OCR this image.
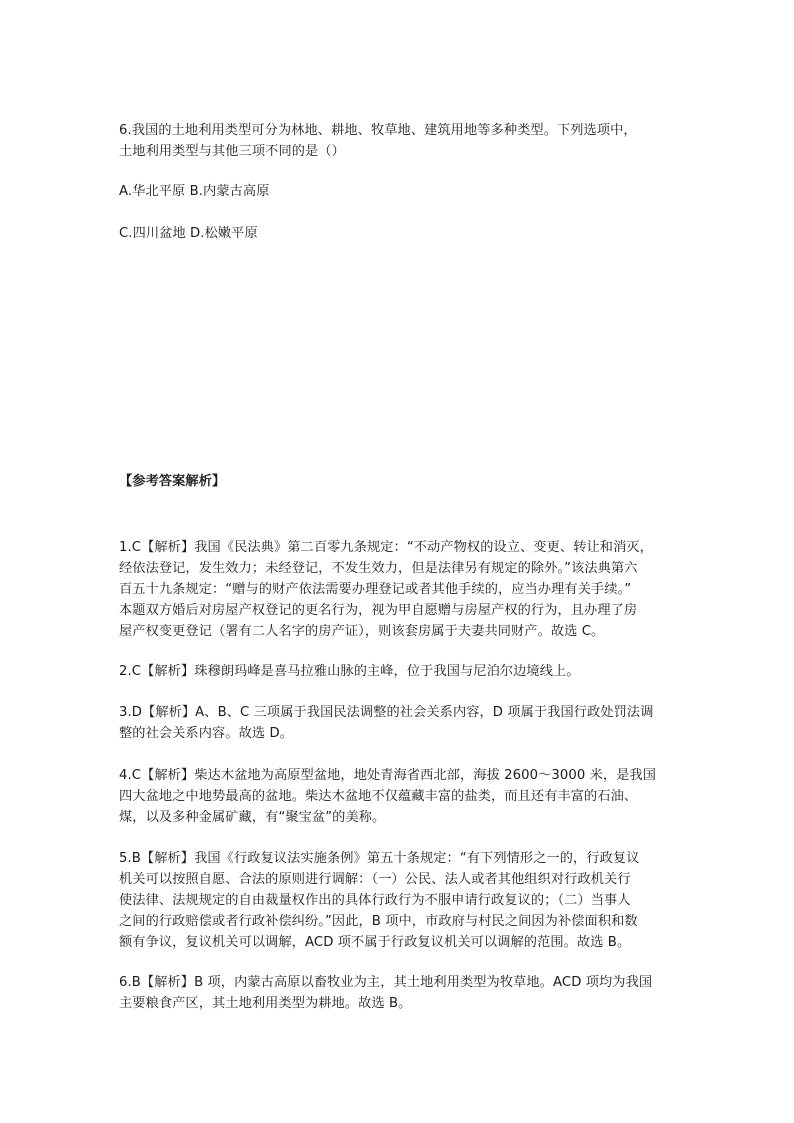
6.我国的土地利用类型可分为林地、耕地、牧草地、建筑用地等多种类型。下列选项中，
土地利用类型与其他三项不同的是（）
A.华北平原 B.内蒙古高原
C.四川盆地 D.松嫩平原
【参考答案解析】
1.C【解析】我国《民法典》第二百零九条规定：“不动产物权的设立、变更、转让和消灭，
经依法登记，发生效力；未经登记，不发生效力，但是法律另有规定的除外。”该法典第六
百五十九条规定：“赠与的财产依法需要办理登记或者其他手续的，应当办理有关手续。”
本题双方婚后对房屋产权登记的更名行为，视为甲自愿赠与房屋产权的行为，且办理了房
屋产权变更登记（署有二人名字的房产证），则该套房属于夫妻共同财产。故选 C。
2.C【解析】珠穆朗玛峰是喜马拉雅山脉的主峰，位于我国与尼泊尔边境线上。
3.D【解析】A、B、C 三项属于我国民法调整的社会关系内容，D 项属于我国行政处罚法调
整的社会关系内容。故选 D。
4.C【解析】柴达木盆地为高原型盆地，地处青海省西北部，海拔 2600～3000 米，是我国
四大盆地之中地势最高的盆地。柴达木盆地不仅蕴藏丰富的盐类，而且还有丰富的石油、
煤，以及多种金属矿藏，有“聚宝盆”的美称。
5.B【解析】我国《行政复议法实施条例》第五十条规定：“有下列情形之一的，行政复议
机关可以按照自愿、合法的原则进行调解：（一）公民、法人或者其他组织对行政机关行
使法律、法规规定的自由裁量权作出的具体行政行为不服申请行政复议的；（二）当事人
之间的行政赔偿或者行政补偿纠纷。”因此，B 项中，市政府与村民之间因为补偿面积和数
额有争议，复议机关可以调解，ACD 项不属于行政复议机关可以调解的范围。故选 B。
6.B【解析】B 项，内蒙古高原以畜牧业为主，其土地利用类型为牧草地。ACD 项均为我国
主要粮食产区，其土地利用类型为耕地。故选 B。
